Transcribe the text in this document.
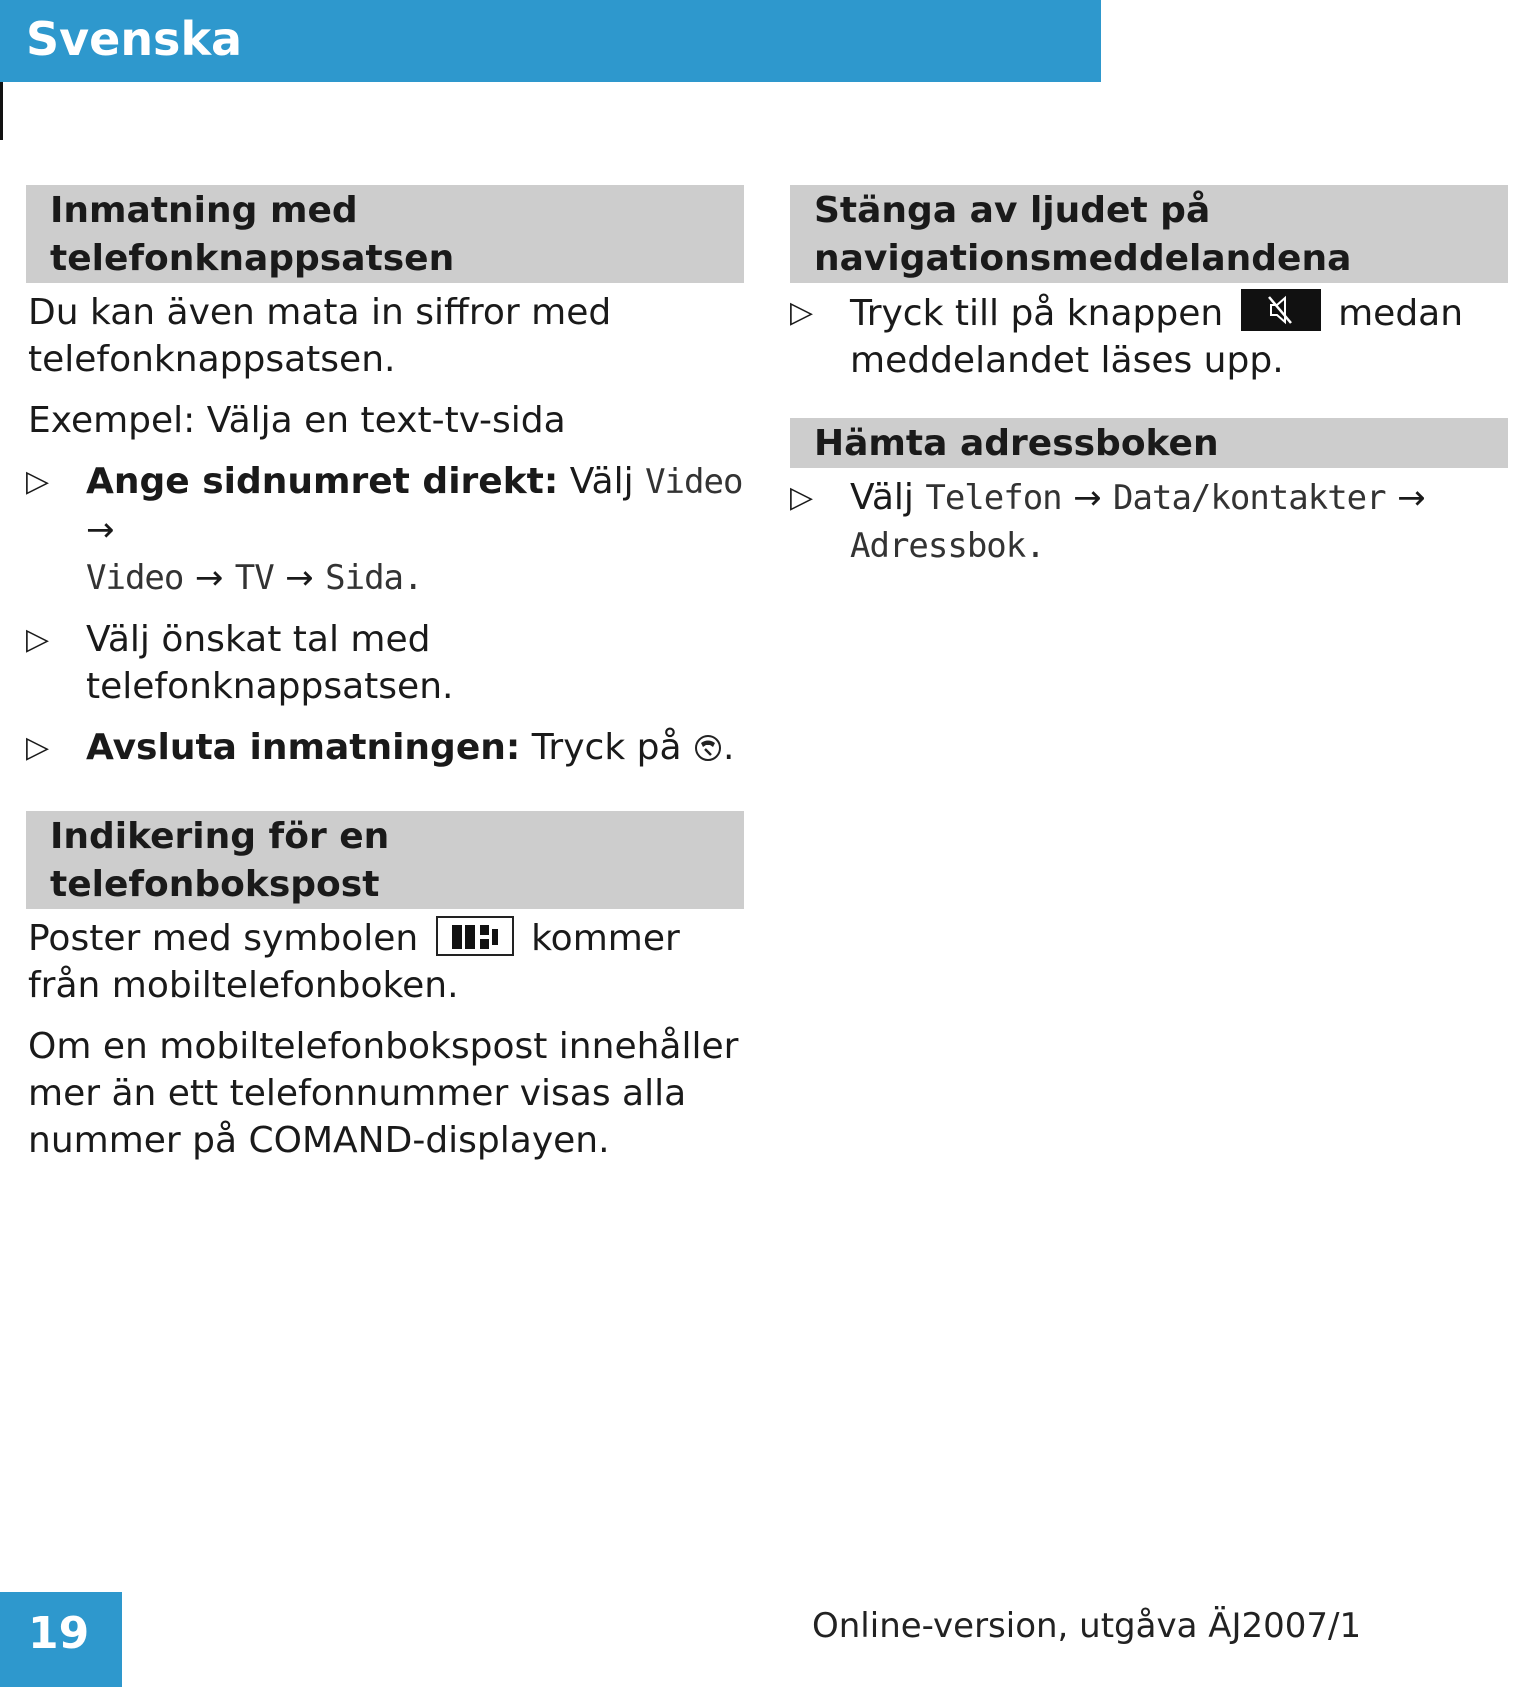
Svenska
Inmatning med telefonknappsatsen

Du kan även mata in siffror med telefonknappsatsen.

Exempel: Välja en text-tv-sida

▷ Ange sidnumret direkt: Välj Video →
Video → TV → Sida.
▷ Välj önskat tal med telefonknappsatsen.
▷ Avsluta inmatningen: Tryck på .
Indikering för en telefonbokspost

Poster med symbolen	kommer från mobiltelefonboken.

Om en mobiltelefonbokspost innehåller mer än ett telefonnummer visas alla nummer på COMAND-displayen.

Stänga av ljudet på navigationsmeddelandena
▷ Tryck till på knappen	medan meddelandet läses upp.
Hämta adressboken
▷ Välj Telefon → Data/kontakter →
Adressbok.
19	Online-version, utgåva ÄJ2007/1
